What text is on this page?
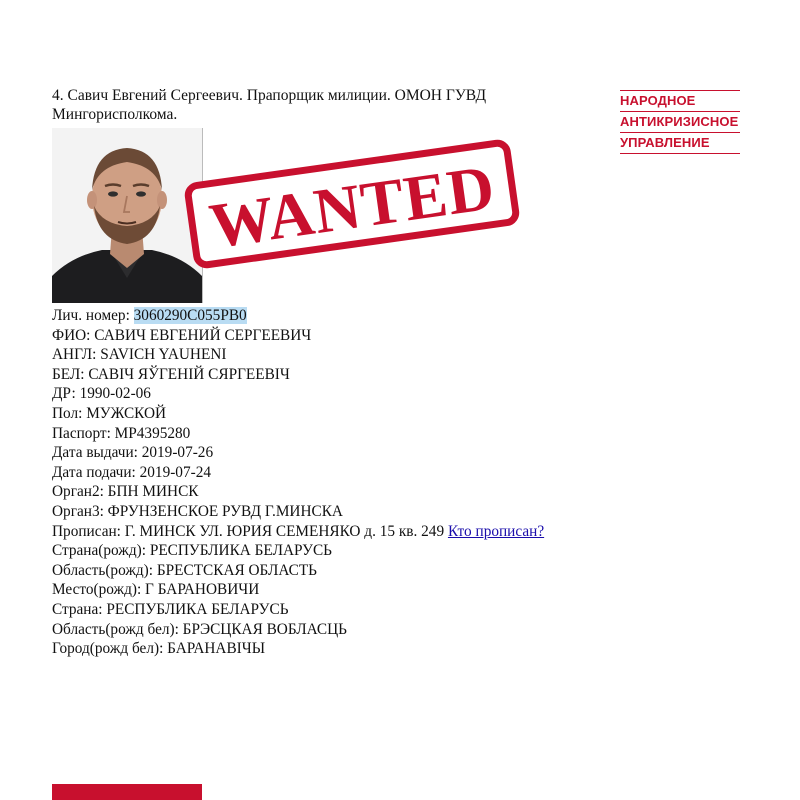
4. Савич Евгений Сергеевич. Прапорщик милиции. ОМОН ГУВД Мингорисполкома.
НАРОДНОЕ
АНТИКРИЗИСНОЕ
УПРАВЛЕНИЕ
WANTED
Лич. номер: 3060290C055PB0
ФИО: САВИЧ ЕВГЕНИЙ СЕРГЕЕВИЧ
АНГЛ: SAVICH YAUHENI
БЕЛ: САВІЧ ЯЎГЕНІЙ СЯРГЕЕВІЧ
ДР: 1990-02-06
Пол: МУЖСКОЙ
Паспорт: MP4395280
Дата выдачи: 2019-07-26
Дата подачи: 2019-07-24
Орган2: БПН МИНСК
Орган3: ФРУНЗЕНСКОЕ РУВД Г.МИНСКА
Прописан: Г. МИНСК УЛ. ЮРИЯ СЕМЕНЯКО д. 15 кв. 249 Кто прописан?
Страна(рожд): РЕСПУБЛИКА БЕЛАРУСЬ
Область(рожд): БРЕСТСКАЯ ОБЛАСТЬ
Место(рожд): Г БАРАНОВИЧИ
Страна: РЕСПУБЛИКА БЕЛАРУСЬ
Область(рожд бел): БРЭСЦКАЯ ВОБЛАСЦЬ
Город(рожд бел): БАРАНАВІЧЫ
